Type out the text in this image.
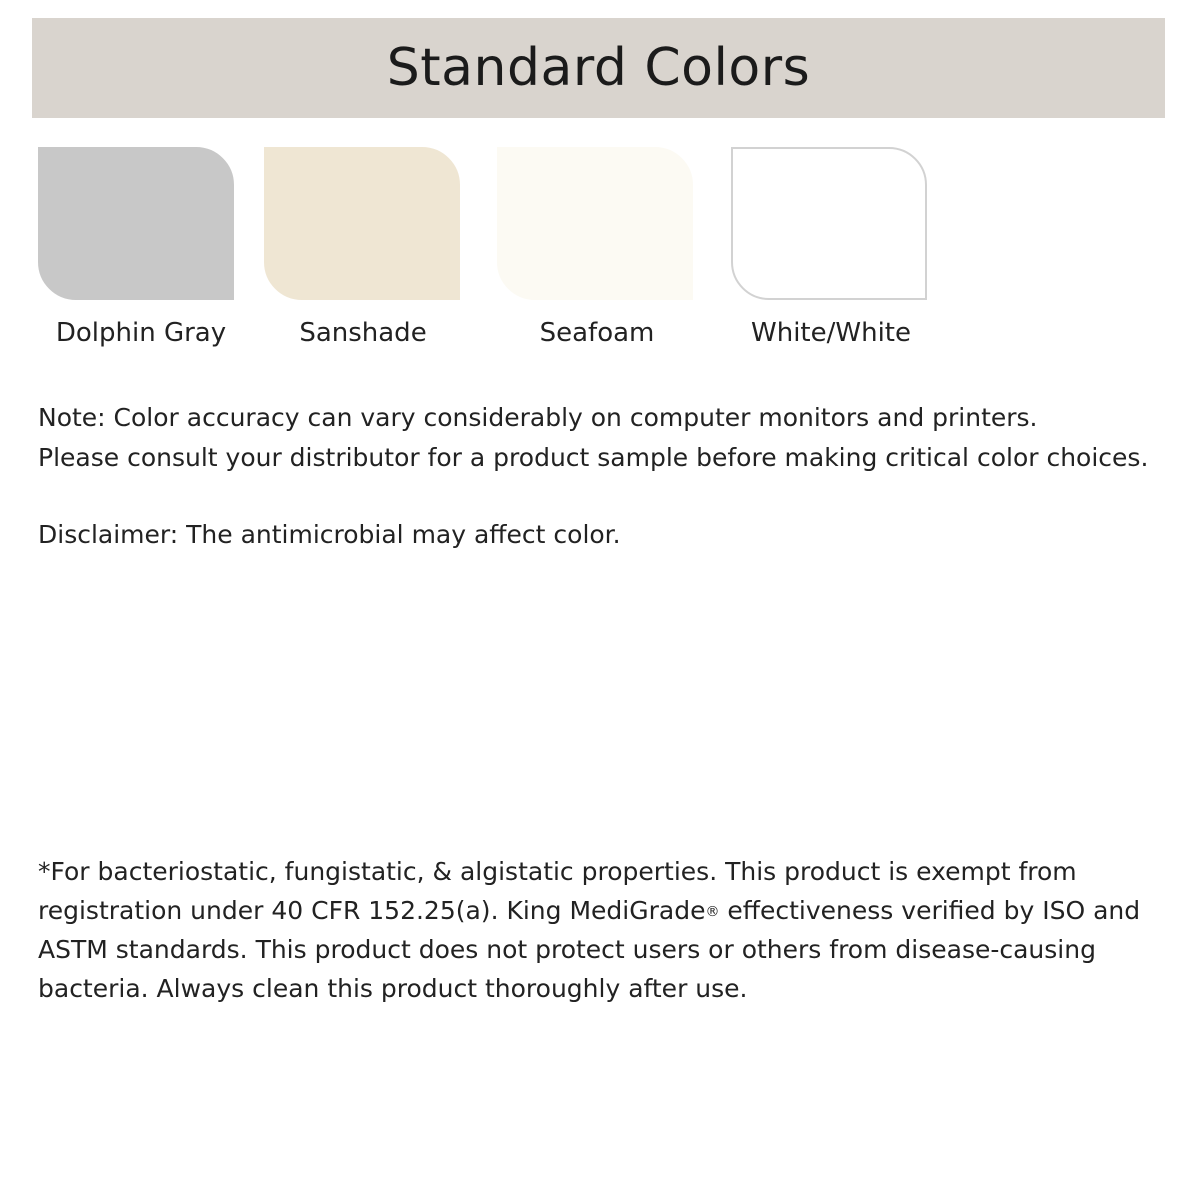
Standard Colors
Dolphin Gray	Sanshade	Seafoam	White/White
Note: Color accuracy can vary considerably on computer monitors and printers.
Please consult your distributor for a product sample before making critical color choices.
Disclaimer: The antimicrobial may affect color.
*For bacteriostatic, fungistatic, & algistatic properties. This product is exempt from
registration under 40 CFR 152.25(a). King MediGrade® effectiveness verified by ISO and
ASTM standards. This product does not protect users or others from disease-causing
bacteria. Always clean this product thoroughly after use.
